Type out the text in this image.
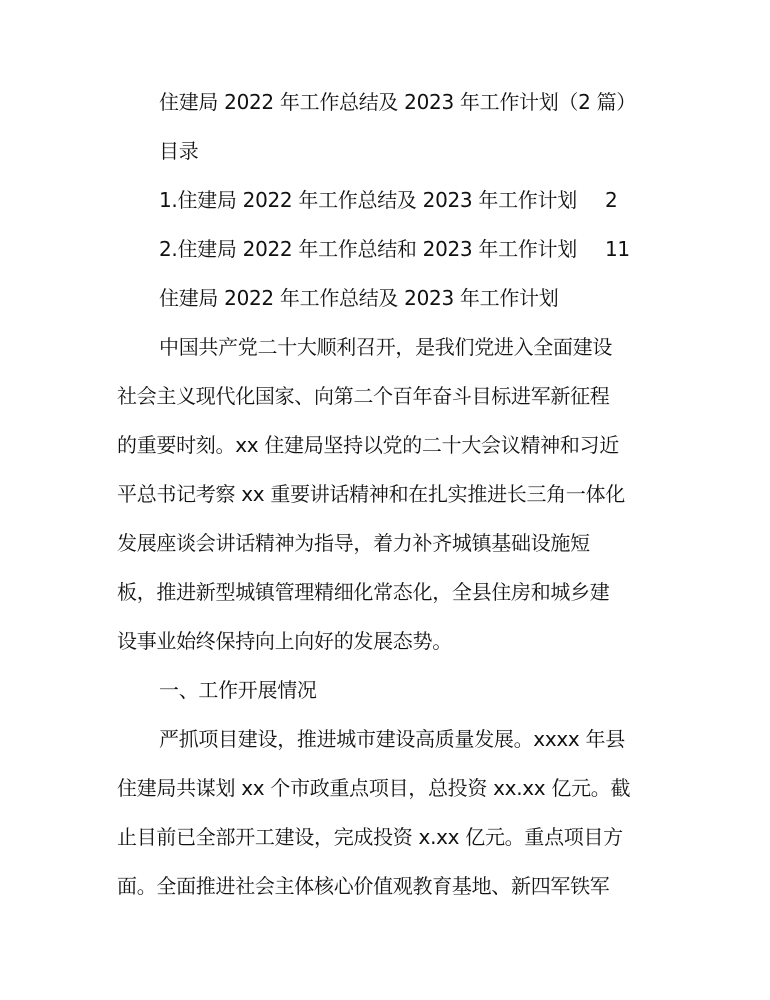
住建局 2022 年工作总结及 2023 年工作计划（2 篇）
目录
1.住建局 2022 年工作总结及 2023 年工作计划 2
2.住建局 2022 年工作总结和 2023 年工作计划 11
住建局 2022 年工作总结及 2023 年工作计划
中国共产党二十大顺利召开，是我们党进入全面建设
社会主义现代化国家、向第二个百年奋斗目标进军新征程
的重要时刻。xx 住建局坚持以党的二十大会议精神和习近
平总书记考察 xx 重要讲话精神和在扎实推进长三角一体化
发展座谈会讲话精神为指导，着力补齐城镇基础设施短
板，推进新型城镇管理精细化常态化，全县住房和城乡建
设事业始终保持向上向好的发展态势。
一、工作开展情况
严抓项目建设，推进城市建设高质量发展。xxxx 年县
住建局共谋划 xx 个市政重点项目，总投资 xx.xx 亿元。截
止目前已全部开工建设，完成投资 x.xx 亿元。重点项目方
面。全面推进社会主体核心价值观教育基地、新四军铁军
